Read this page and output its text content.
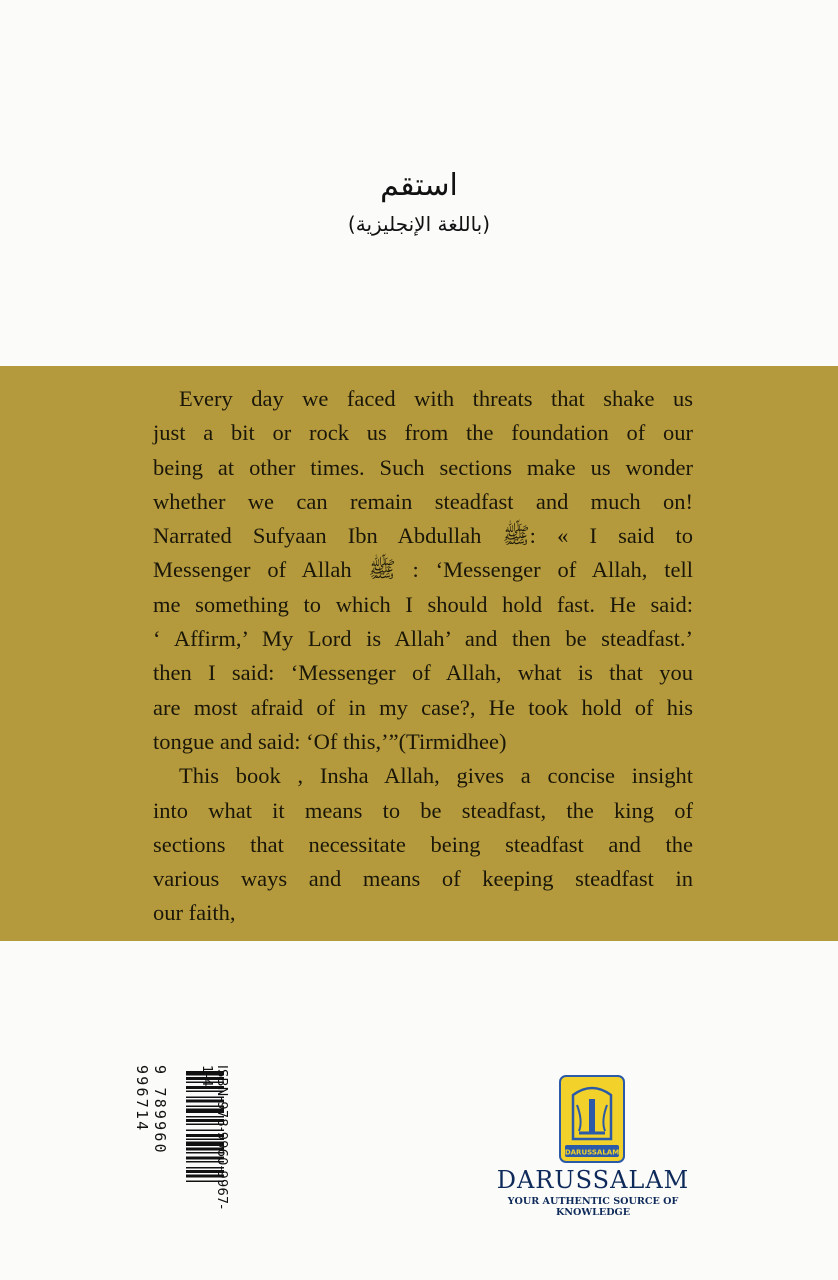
استقم
(باللغة الإنجليزية)
Every day we faced with threats that shake us
just a bit or rock us from the foundation of our
being at other times. Such sections make us wonder
whether we can remain steadfast and much on!
Narrated Sufyaan Ibn Abdullah ﷺ: « I said to
Messenger of Allah ﷺ : ‘Messenger of Allah, tell
me something to which I should hold fast. He said:
‘ Affirm,’ My Lord is Allah’ and then be steadfast.’
then I said: ‘Messenger of Allah, what is that you
are most afraid of in my case?, He took hold of his
tongue and said: ‘Of this,’”(Tirmidhee)
This book , Insha Allah, gives a concise insight
into what it means to be steadfast, the king of
sections that necessitate being steadfast and the
various ways and means of keeping steadfast in
our faith,
9 789960 996714	ISBN-978-9960-9967-1-4
DARUSSALAM
DARUSSALAM
YOUR AUTHENTIC SOURCE OF KNOWLEDGE
